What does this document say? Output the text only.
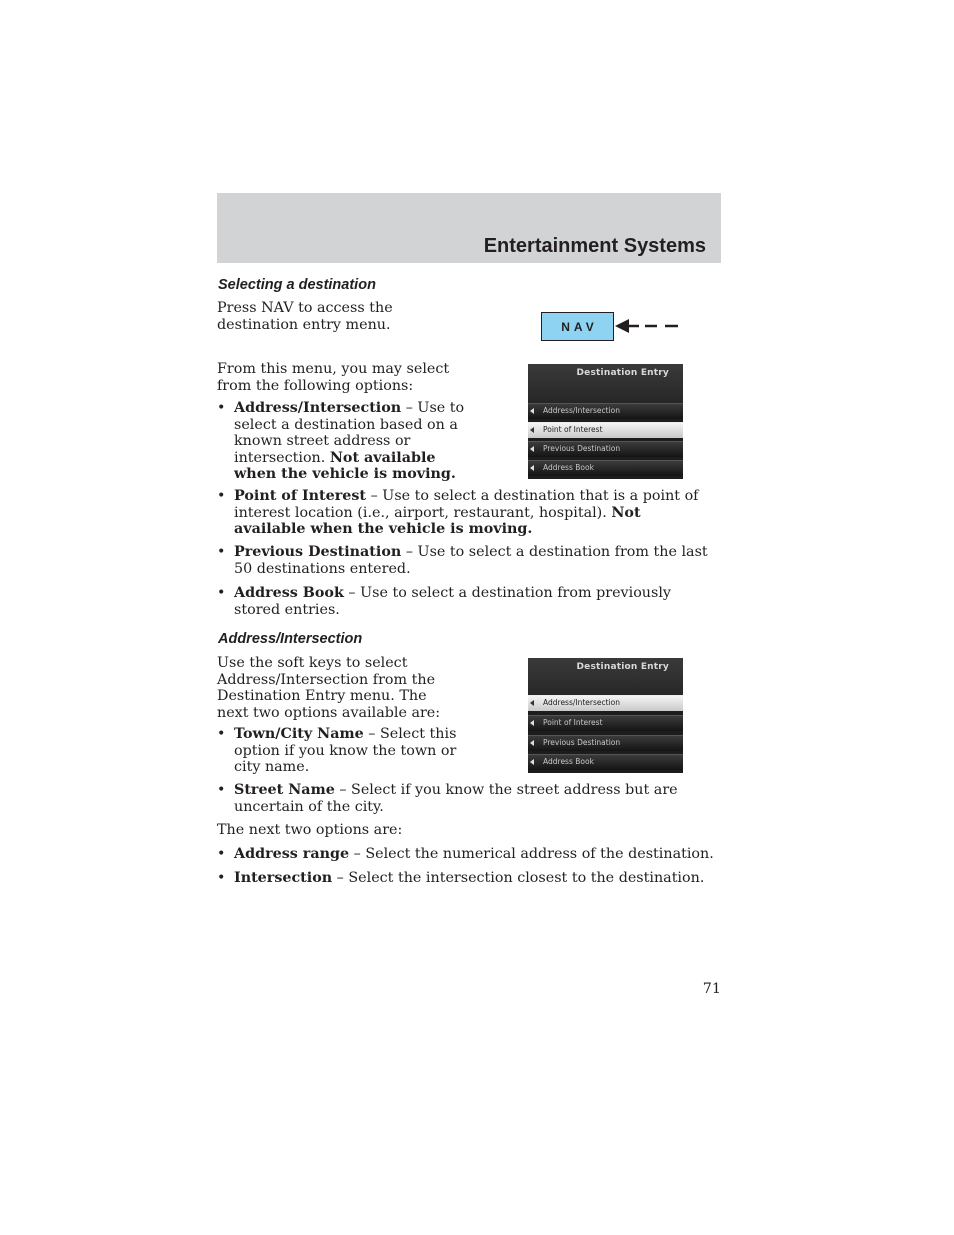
Entertainment Systems
Selecting a destination

Press NAV to access the destination entry menu.	NAV

From this menu, you may select from the following options:

• Address/Intersection – Use to select a destination based on a known street address or intersection. Not available when the vehicle is moving.
• Point of Interest – Use to select a destination that is a point of interest location (i.e., airport, restaurant, hospital). Not available when the vehicle is moving.
• Previous Destination – Use to select a destination from the last 50 destinations entered.
• Address Book – Use to select a destination from previously stored entries.
Destination Entry
Address/Intersection
Point of Interest
Previous Destination
Address Book
Address/Intersection

Use the soft keys to select Address/Intersection from the Destination Entry menu. The next two options available are:

• Town/City Name – Select this option if you know the town or city name.
• Street Name – Select if you know the street address but are uncertain of the city.

The next two options are:

• Address range – Select the numerical address of the destination.
• Intersection – Select the intersection closest to the destination.
Destination Entry
Address/Intersection
Point of Interest
Previous Destination
Address Book
71
